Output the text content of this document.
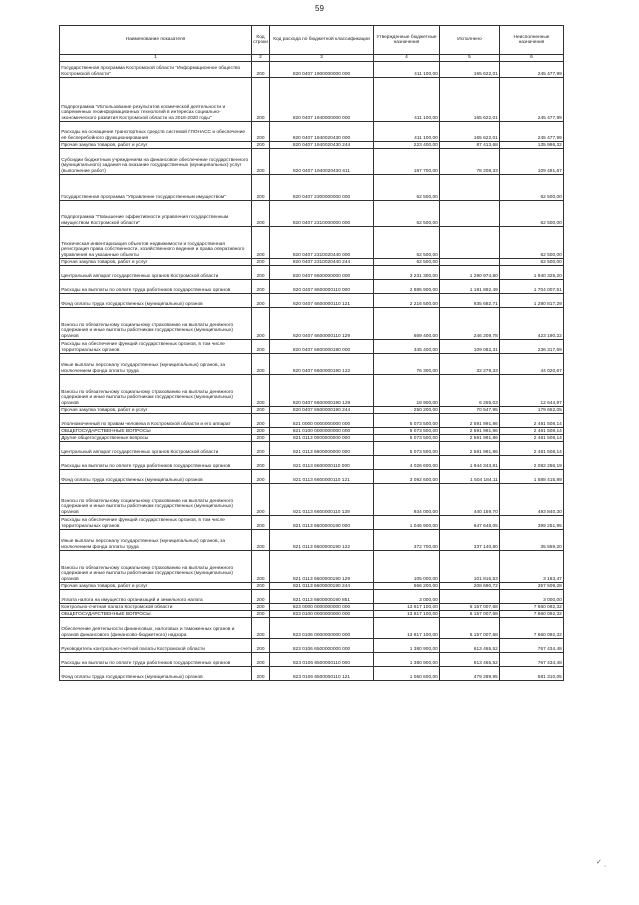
59
Наименование показателя	Код строки	Код расхода по бюджетной классификации	Утвержденные бюджетные назначения	Исполнено	Неисполненные назначения
1	2	3	4	5	6
Государственная программа Костромской области "Информационное общество Костромской области"	200	820 0407 1900000000 000	411 100,00	165 622,01	245 477,99
Подпрограмма "Использование результатов космической деятельности и современных геоинформационных технологий в интересах социально-экономического развития Костромской области на 2016-2020 годы"	200	820 0407 1940000000 000	411 100,00	165 622,01	245 477,99
Расходы на оснащение транспортных средств системой ГЛОНАСС и обеспечение её бесперебойного функционирования	200	820 0407 1940020430 000	411 100,00	165 622,01	245 477,99
Прочая закупка товаров, работ и услуг	200	820 0407 1940020430 244	223 400,00	87 413,68	135 986,32
Субсидии бюджетным учреждениям на финансовое обеспечение государственного (муниципального) задания на оказание государственных (муниципальных) услуг (выполнение работ)	200	820 0407 1940020430 611	187 700,00	78 208,33	109 491,67
Государственная программа "Управление государственным имуществом"	200	820 0407 2300000000 000	62 500,00		62 500,00
Подпрограмма "Повышение эффективности управления государственным имуществом Костромской области"	200	820 0407 2310000000 000	62 500,00		62 500,00
Техническая инвентаризация объектов недвижимости и государственная регистрация права собственности, хозяйственного ведения и права оперативного управления на указанные объекты	200	820 0407 2310020440 000	62 500,00		62 500,00
Прочая закупка товаров, работ и услуг	200	820 0407 2310020440 244	62 500,00		62 500,00
Центральный аппарат государственных органов Костромской области	200	820 0407 6600000000 000	3 231 300,00	1 290 974,80	1 940 325,20
Расходы на выплаты по оплате труда работников государственных органов	200	820 0407 6600000110 000	2 885 900,00	1 181 892,49	1 704 007,51
Фонд оплаты труда государственных (муниципальных) органов	200	820 0407 6600000110 121	2 216 500,00	935 682,71	1 280 817,29
Взносы по обязательному социальному страхованию на выплаты денежного содержания и иные выплаты работникам государственных (муниципальных) органов	200	820 0407 6600000110 129	669 400,00	246 209,78	423 190,22
Расходы на обеспечение функций государственных органов, в том числе территориальных органов	200	820 0407 6600000190 000	345 400,00	109 082,31	236 317,69
Иные выплаты персоналу государственных (муниципальных) органов, за исключением фонда оплаты труда	200	820 0407 6600000190 122	76 300,00	32 279,33	44 020,67
Взносы по обязательному социальному страхованию на выплаты денежного содержания и иные выплаты работникам государственных (муниципальных) органов	200	820 0407 6600000190 129	18 900,00	6 255,03	12 644,97
Прочая закупка товаров, работ и услуг	200	820 0407 6600000190 244	250 200,00	70 547,95	179 652,05
Уполномоченный по правам человека в Костромской области и его аппарат	200	821 0000 0000000000 000	5 073 500,00	2 591 991,86	2 481 508,14
ОБЩЕГОСУДАРСТВЕННЫЕ ВОПРОСЫ	200	821 0100 0000000000 000	5 073 500,00	2 591 991,86	2 481 508,14
Другие общегосударственные вопросы	200	821 0113 0000000000 000	5 073 500,00	2 591 991,86	2 481 508,14
Центральный аппарат государственных органов Костромской области	200	821 0113 6600000000 000	5 073 500,00	2 591 991,86	2 481 508,14
Расходы на выплаты по оплате труда работников государственных органов	200	821 0113 6600000110 000	4 026 600,00	1 944 343,81	2 082 256,19
Фонд оплаты труда государственных (муниципальных) органов	200	821 0113 6600000110 121	3 092 600,00	1 504 184,11	1 588 415,89
Взносы по обязательному социальному страхованию на выплаты денежного содержания и иные выплаты работникам государственных (муниципальных) органов	200	821 0113 6600000110 129	934 000,00	440 159,70	493 840,30
Расходы на обеспечение функций государственных органов, в том числе территориальных органов	200	821 0113 6600000190 000	1 046 900,00	647 648,05	399 251,95
Иные выплаты персоналу государственных (муниципальных) органов, за исключением фонда оплаты труда	200	821 0113 6600000190 122	372 700,00	337 140,80	35 559,20
Взносы по обязательному социальному страхованию на выплаты денежного содержания и иные выплаты работникам государственных (муниципальных) органов	200	821 0113 6600000190 129	105 000,00	101 816,53	3 183,47
Прочая закупка товаров, работ и услуг	200	821 0113 6600000190 244	566 200,00	208 690,72	357 509,28
Уплата налога на имущество организаций и земельного налога	200	821 0113 6600000190 851	3 000,00		3 000,00
Контрольно-счетная палата Костромской области	200	823 0000 0000000000 000	13 817 100,00	6 157 007,68	7 660 092,32
ОБЩЕГОСУДАРСТВЕННЫЕ ВОПРОСЫ	200	823 0100 0000000000 000	13 817 100,00	6 157 007,68	7 660 092,32
Обеспечение деятельности финансовых, налоговых и таможенных органов и органов финансового (финансово-бюджетного) надзора	200	823 0106 0000000000 000	13 817 100,00	6 157 007,68	7 660 092,32
Руководитель контрольно-счетной палаты Костромской области	200	823 0106 6500000000 000	1 380 900,00	613 465,52	767 434,48
Расходы на выплаты по оплате труда работников государственных органов	200	823 0106 6500000110 000	1 380 900,00	613 465,52	767 434,48
Фонд оплаты труда государственных (муниципальных) органов	200	823 0106 6500000110 121	1 060 600,00	479 289,95	581 310,05
✓
ˋ
